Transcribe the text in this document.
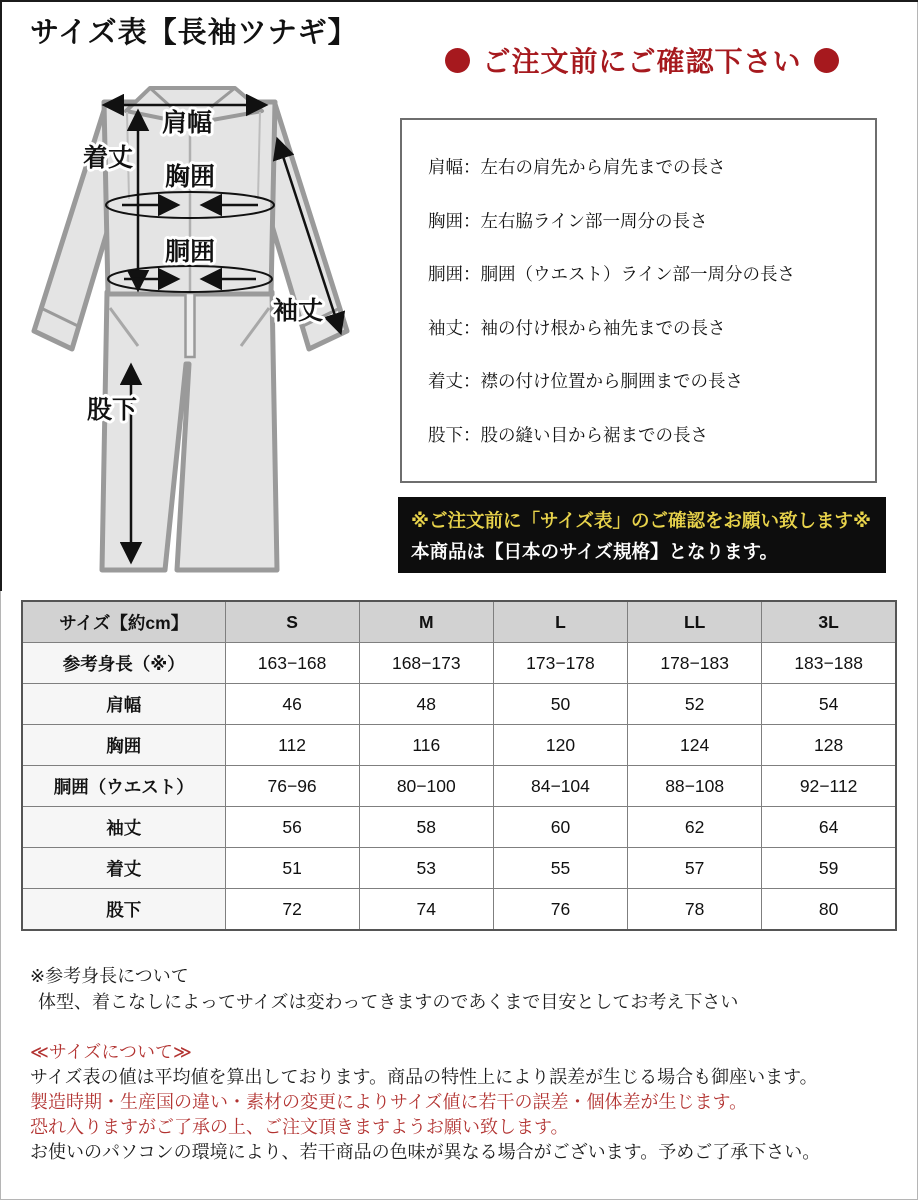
サイズ表【長袖ツナギ】
ご注文前にご確認下さい
肩幅
着丈
胸囲
胴囲
袖丈
股下
肩幅：左右の肩先から肩先までの長さ
胸囲：左右脇ライン部一周分の長さ
胴囲：胴囲（ウエスト）ライン部一周分の長さ
袖丈：袖の付け根から袖先までの長さ
着丈：襟の付け位置から胴囲までの長さ
股下：股の縫い目から裾までの長さ
※ご注文前に「サイズ表」のご確認をお願い致します※
本商品は【日本のサイズ規格】となります。
サイズ【約cm】	S	M	L	LL	3L
参考身長（※）	163−168	168−173	173−178	178−183	183−188
肩幅	46	48	50	52	54
胸囲	112	116	120	124	128
胴囲（ウエスト）	76−96	80−100	84−104	88−108	92−112
袖丈	56	58	60	62	64
着丈	51	53	55	57	59
股下	72	74	76	78	80
※参考身長について
体型、着こなしによってサイズは変わってきますのであくまで目安としてお考え下さい
≪サイズについて≫
サイズ表の値は平均値を算出しております。商品の特性上により誤差が生じる場合も御座います。
製造時期・生産国の違い・素材の変更によりサイズ値に若干の誤差・個体差が生じます。
恐れ入りますがご了承の上、ご注文頂きますようお願い致します。
お使いのパソコンの環境により、若干商品の色味が異なる場合がございます。予めご了承下さい。
